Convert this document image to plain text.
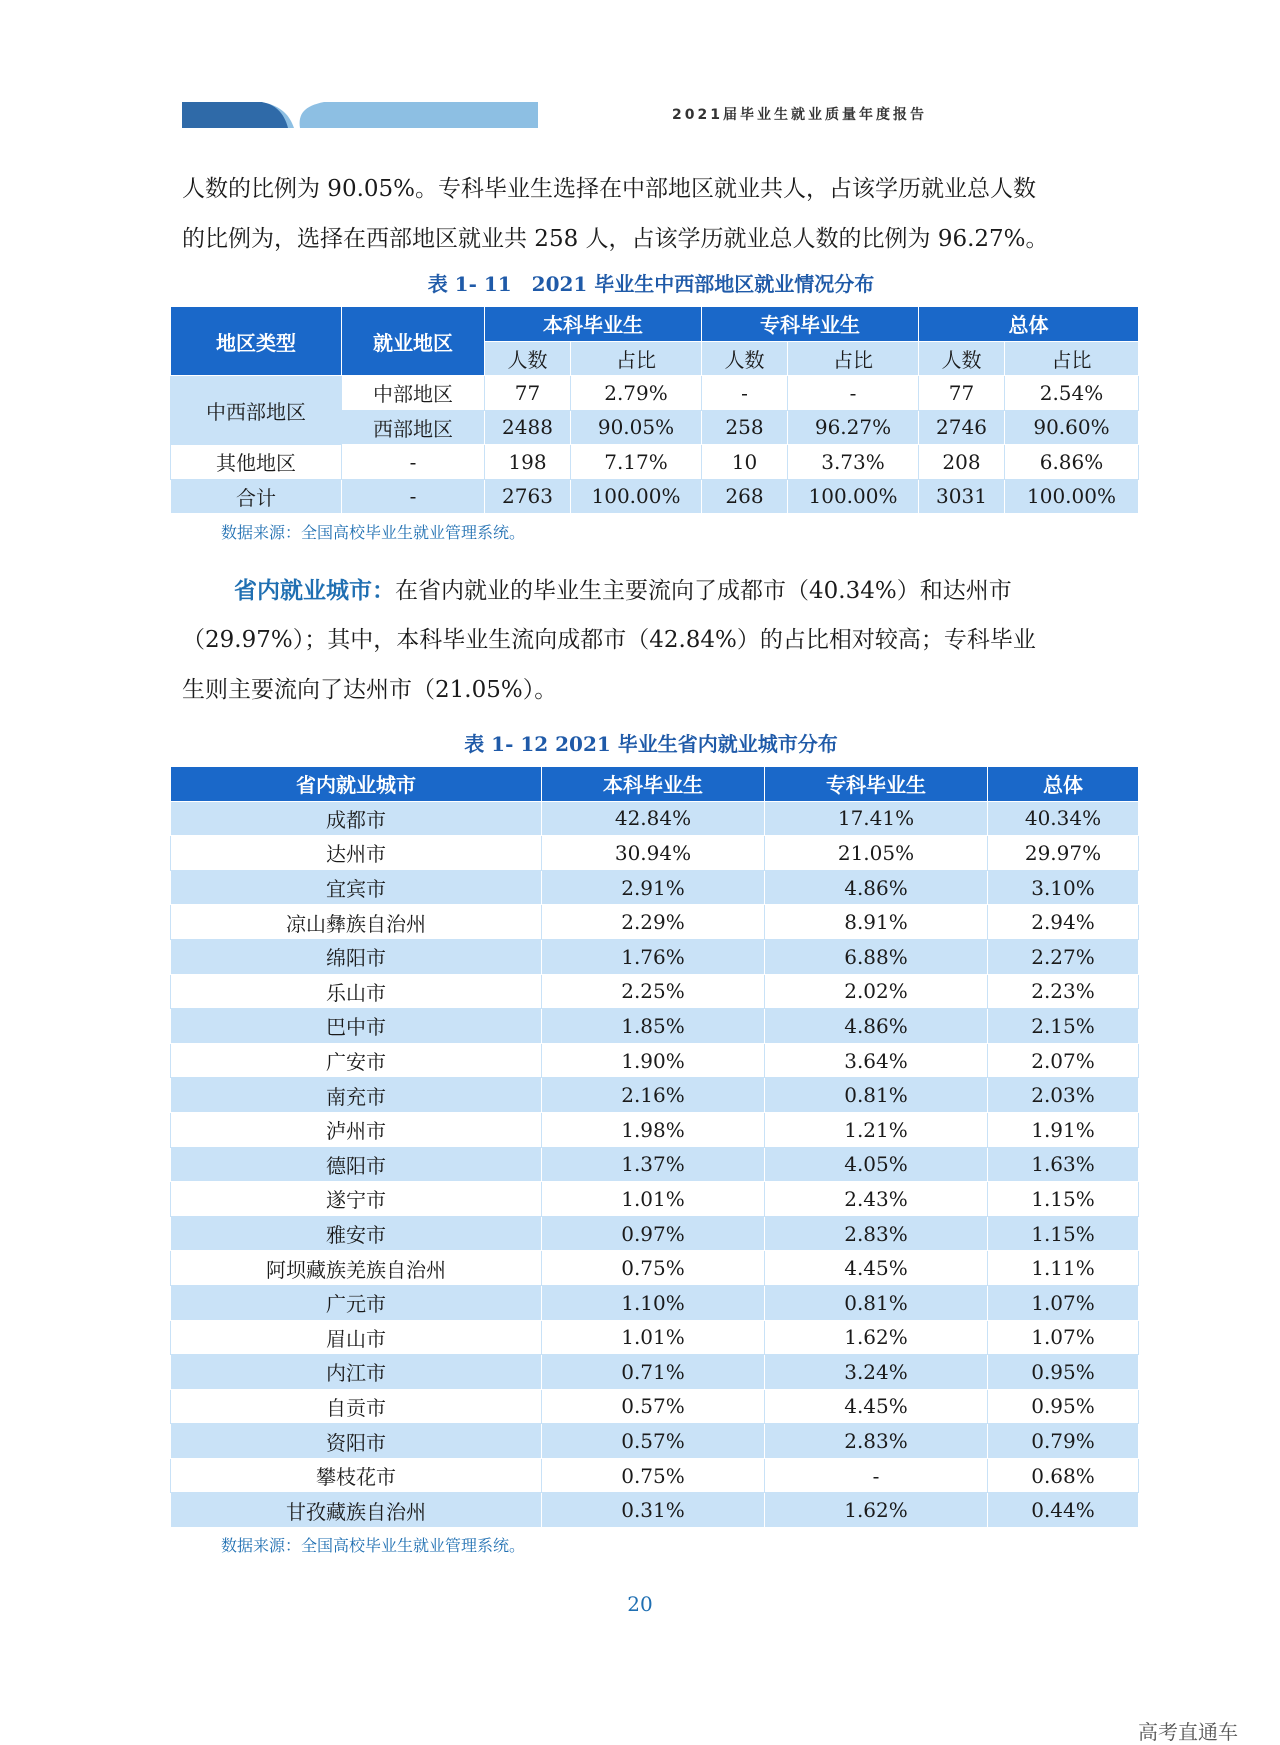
2021届毕业生就业质量年度报告

人数的比例为 90.05%。专科毕业生选择在中部地区就业共人，占该学历就业总人数

的比例为，选择在西部地区就业共 258 人，占该学历就业总人数的比例为 96.27%。

表 1- 11　2021 毕业生中西部地区就业情况分布
地区类型	就业地区	本科毕业生		专科毕业生		总体	
		人数	占比	人数	占比	人数	占比
中西部地区	中部地区	77	2.79%	-	-	77	2.54%
	西部地区	2488	90.05%	258	96.27%	2746	90.60%
其他地区	-	198	7.17%	10	3.73%	208	6.86%
合计	-	2763	100.00%	268	100.00%	3031	100.00%
数据来源：全国高校毕业生就业管理系统。

省内就业城市：在省内就业的毕业生主要流向了成都市（40.34%）和达州市

（29.97%）；其中，本科毕业生流向成都市（42.84%）的占比相对较高；专科毕业

生则主要流向了达州市（21.05%）。

表 1- 12 2021 毕业生省内就业城市分布
省内就业城市	本科毕业生	专科毕业生	总体
成都市	42.84%	17.41%	40.34%
达州市	30.94%	21.05%	29.97%
宜宾市	2.91%	4.86%	3.10%
凉山彝族自治州	2.29%	8.91%	2.94%
绵阳市	1.76%	6.88%	2.27%
乐山市	2.25%	2.02%	2.23%
巴中市	1.85%	4.86%	2.15%
广安市	1.90%	3.64%	2.07%
南充市	2.16%	0.81%	2.03%
泸州市	1.98%	1.21%	1.91%
德阳市	1.37%	4.05%	1.63%
遂宁市	1.01%	2.43%	1.15%
雅安市	0.97%	2.83%	1.15%
阿坝藏族羌族自治州	0.75%	4.45%	1.11%
广元市	1.10%	0.81%	1.07%
眉山市	1.01%	1.62%	1.07%
内江市	0.71%	3.24%	0.95%
自贡市	0.57%	4.45%	0.95%
资阳市	0.57%	2.83%	0.79%
攀枝花市	0.75%	-	0.68%
甘孜藏族自治州	0.31%	1.62%	0.44%
数据来源：全国高校毕业生就业管理系统。
20
高考直通车
